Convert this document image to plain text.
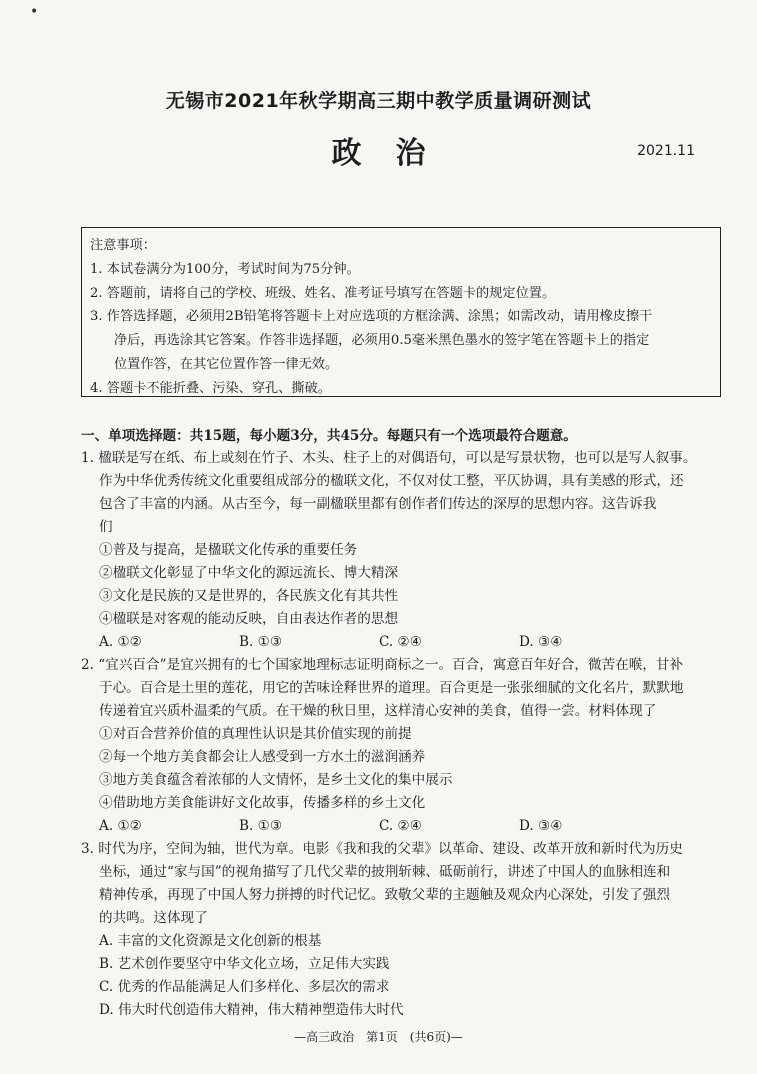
•
无锡市2021年秋学期高三期中教学质量调研测试
政治	2021.11
注意事项：
1. 本试卷满分为100分，考试时间为75分钟。
2. 答题前，请将自己的学校、班级、姓名、准考证号填写在答题卡的规定位置。
3. 作答选择题，必须用2B铅笔将答题卡上对应选项的方框涂满、涂黑；如需改动，请用橡皮擦干
净后，再选涂其它答案。作答非选择题，必须用0.5毫米黑色墨水的签字笔在答题卡上的指定
位置作答，在其它位置作答一律无效。
4. 答题卡不能折叠、污染、穿孔、撕破。
一、单项选择题：共15题，每小题3分，共45分。每题只有一个选项最符合题意。
1. 楹联是写在纸、布上或刻在竹子、木头、柱子上的对偶语句，可以是写景状物，也可以是写人叙事。
作为中华优秀传统文化重要组成部分的楹联文化，不仅对仗工整，平仄协调，具有美感的形式，还
包含了丰富的内涵。从古至今，每一副楹联里都有创作者们传达的深厚的思想内容。这告诉我
们
①普及与提高，是楹联文化传承的重要任务
②楹联文化彰显了中华文化的源远流长、博大精深
③文化是民族的又是世界的，各民族文化有其共性
④楹联是对客观的能动反映，自由表达作者的思想
A. ①②	B. ①③	C. ②④	D. ③④
2. “宜兴百合”是宜兴拥有的七个国家地理标志证明商标之一。百合，寓意百年好合，微苦在喉，甘补
于心。百合是土里的莲花，用它的苦味诠释世界的道理。百合更是一张张细腻的文化名片，默默地
传递着宜兴质朴温柔的气质。在干燥的秋日里，这样清心安神的美食，值得一尝。材料体现了
①对百合营养价值的真理性认识是其价值实现的前提
②每一个地方美食都会让人感受到一方水土的滋润涵养
③地方美食蕴含着浓郁的人文情怀，是乡土文化的集中展示
④借助地方美食能讲好文化故事，传播多样的乡土文化
A. ①②	B. ①③	C. ②④	D. ③④
3. 时代为序，空间为轴，世代为章。电影《我和我的父辈》以革命、建设、改革开放和新时代为历史
坐标，通过“家与国”的视角描写了几代父辈的披荆斩棘、砥砺前行，讲述了中国人的血脉相连和
精神传承，再现了中国人努力拼搏的时代记忆。致敬父辈的主题触及观众内心深处，引发了强烈
的共鸣。这体现了
A. 丰富的文化资源是文化创新的根基
B. 艺术创作要坚守中华文化立场，立足伟大实践
C. 优秀的作品能满足人们多样化、多层次的需求
D. 伟大时代创造伟大精神，伟大精神塑造伟大时代
—高三政治　第1页　(共6页)—
